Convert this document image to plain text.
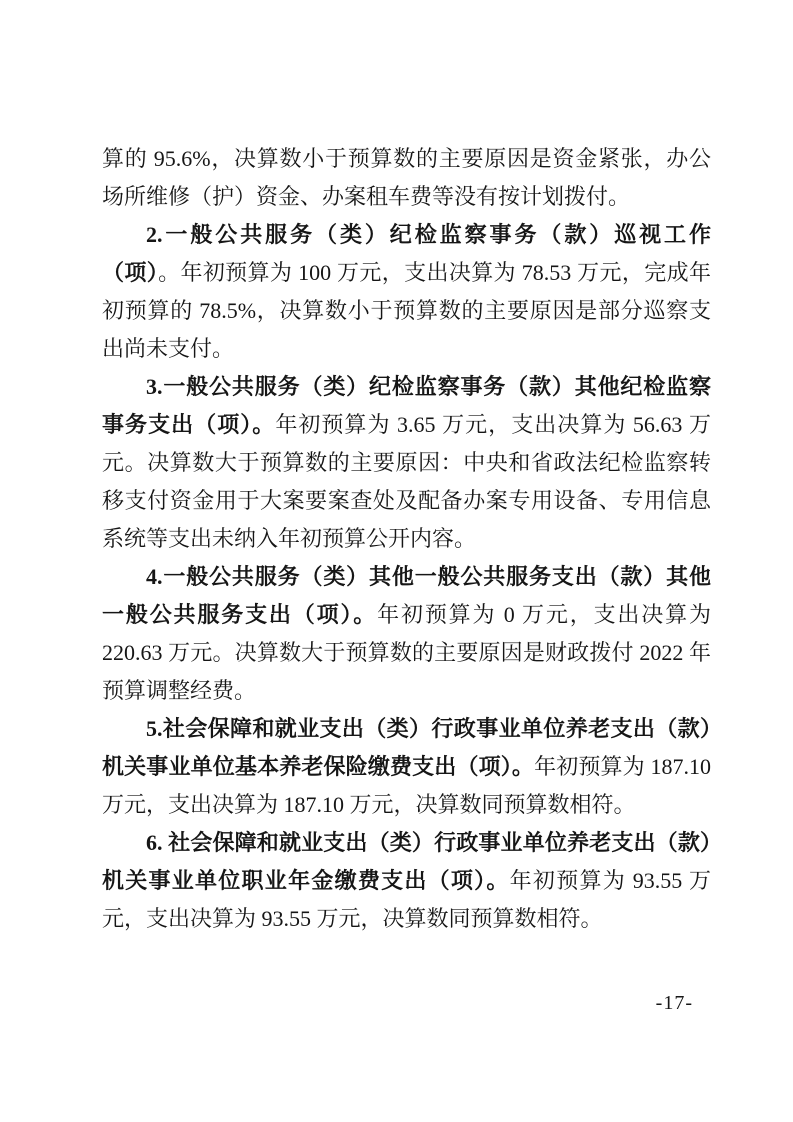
算的 95.6%，决算数小于预算数的主要原因是资金紧张，办公场所维修（护）资金、办案租车费等没有按计划拨付。

2.一般公共服务（类）纪检监察事务（款）巡视工作（项）。年初预算为 100 万元，支出决算为 78.53 万元，完成年初预算的 78.5%，决算数小于预算数的主要原因是部分巡察支出尚未支付。

3.一般公共服务（类）纪检监察事务（款）其他纪检监察事务支出（项）。年初预算为 3.65 万元，支出决算为 56.63 万元。决算数大于预算数的主要原因：中央和省政法纪检监察转移支付资金用于大案要案查处及配备办案专用设备、专用信息系统等支出未纳入年初预算公开内容。

4.一般公共服务（类）其他一般公共服务支出（款）其他一般公共服务支出（项）。年初预算为 0 万元，支出决算为 220.63 万元。决算数大于预算数的主要原因是财政拨付 2022 年预算调整经费。

5.社会保障和就业支出（类）行政事业单位养老支出（款）机关事业单位基本养老保险缴费支出（项）。年初预算为 187.10 万元，支出决算为 187.10 万元，决算数同预算数相符。

6. 社会保障和就业支出（类）行政事业单位养老支出（款）机关事业单位职业年金缴费支出（项）。年初预算为 93.55 万元，支出决算为 93.55 万元，决算数同预算数相符。

-17-
